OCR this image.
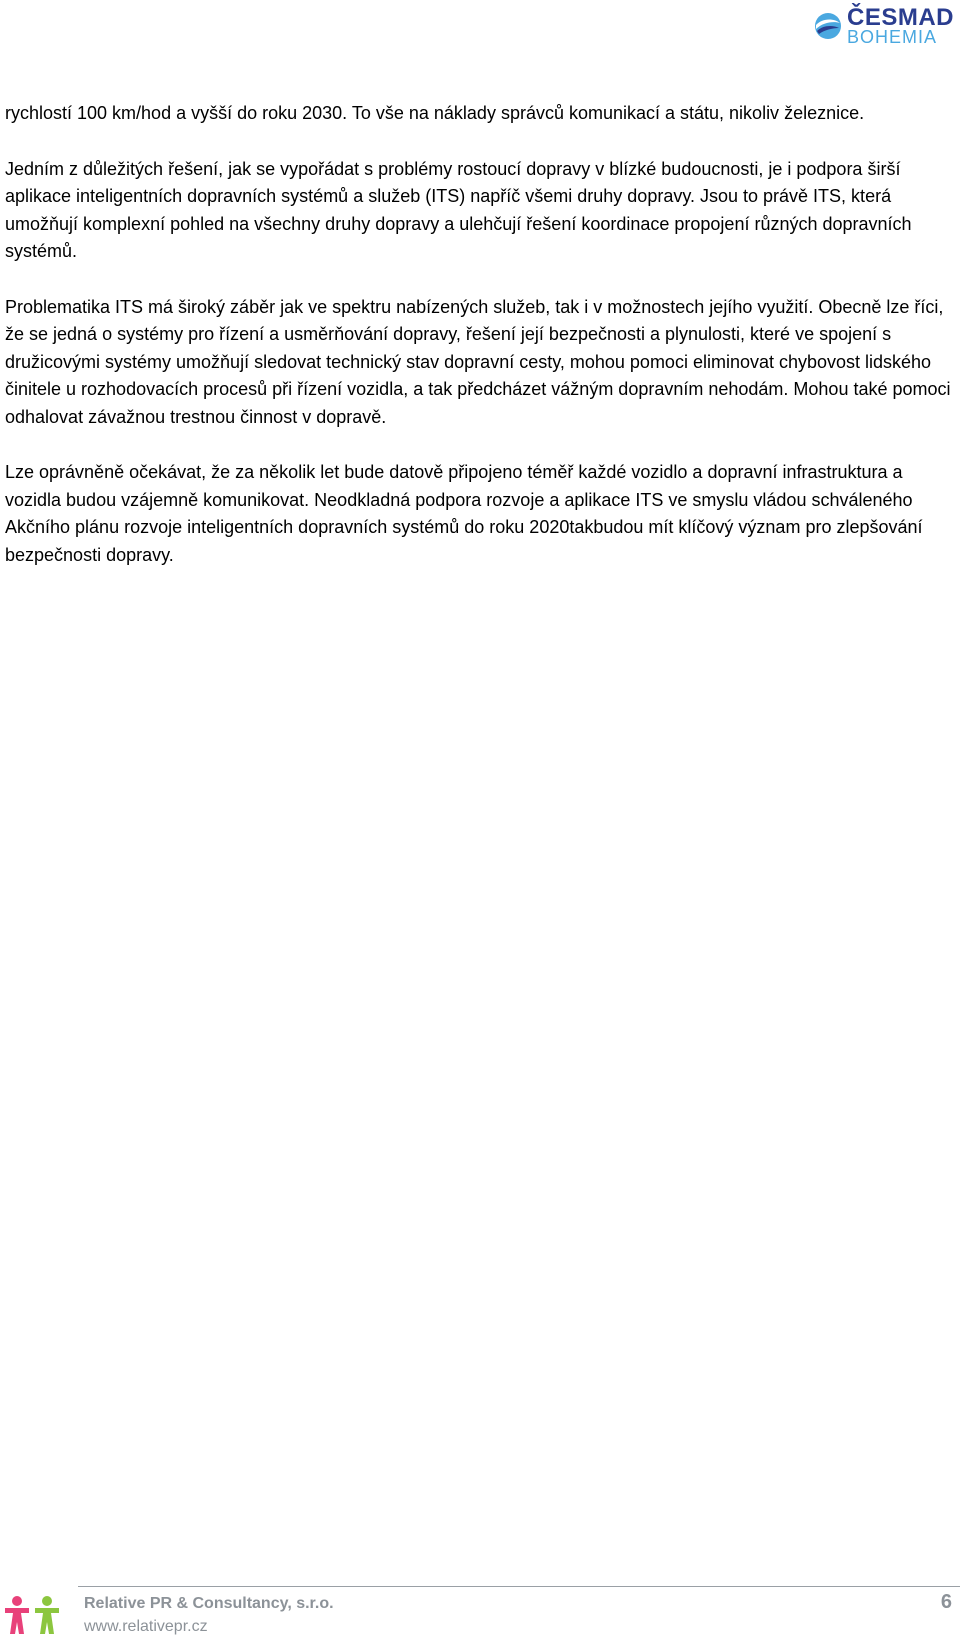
ČESMAD
BOHEMIA

rychlostí 100 km/hod a vyšší do roku 2030. To vše na náklady správců komunikací a státu, nikoliv železnice.

Jedním z důležitých řešení, jak se vypořádat s problémy rostoucí dopravy v blízké budoucnosti, je i podpora širší aplikace inteligentních dopravních systémů a služeb (ITS) napříč všemi druhy dopravy. Jsou to právě ITS, která umožňují komplexní pohled na všechny druhy dopravy a ulehčují řešení koordinace propojení různých dopravních systémů.

Problematika ITS má široký záběr jak ve spektru nabízených služeb, tak i v možnostech jejího využití. Obecně lze říci, že se jedná o systémy pro řízení a usměrňování dopravy, řešení její bezpečnosti a plynulosti, které ve spojení s družicovými systémy umožňují sledovat technický stav dopravní cesty, mohou pomoci eliminovat chybovost lidského činitele u rozhodovacích procesů při řízení vozidla, a tak předcházet vážným dopravním nehodám. Mohou také pomoci odhalovat závažnou trestnou činnost v dopravě.

Lze oprávněně očekávat, že za několik let bude datově připojeno téměř každé vozidlo a dopravní infrastruktura a vozidla budou vzájemně komunikovat. Neodkladná podpora rozvoje a aplikace ITS ve smyslu vládou schváleného Akčního plánu rozvoje inteligentních dopravních systémů do roku 2020takbudou mít klíčový význam pro zlepšování bezpečnosti dopravy.

Relative PR & Consultancy, s.r.o.
www.relativepr.cz
6
